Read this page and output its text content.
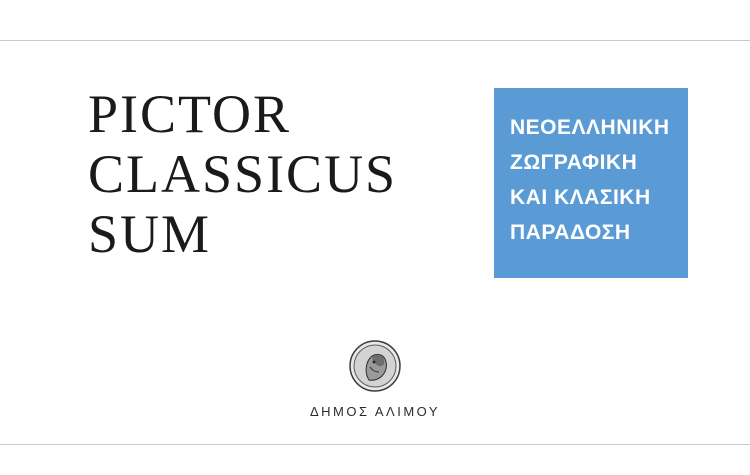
PICTOR
CLASSICUS
SUM
ΝΕΟΕΛΛΗΝΙΚΗ
ΖΩΓΡΑΦΙΚΗ
ΚΑΙ ΚΛΑΣΙΚΗ
ΠΑΡΑΔΟΣΗ
ΔΗΜΟΣ ΑΛΙΜΟΥ
